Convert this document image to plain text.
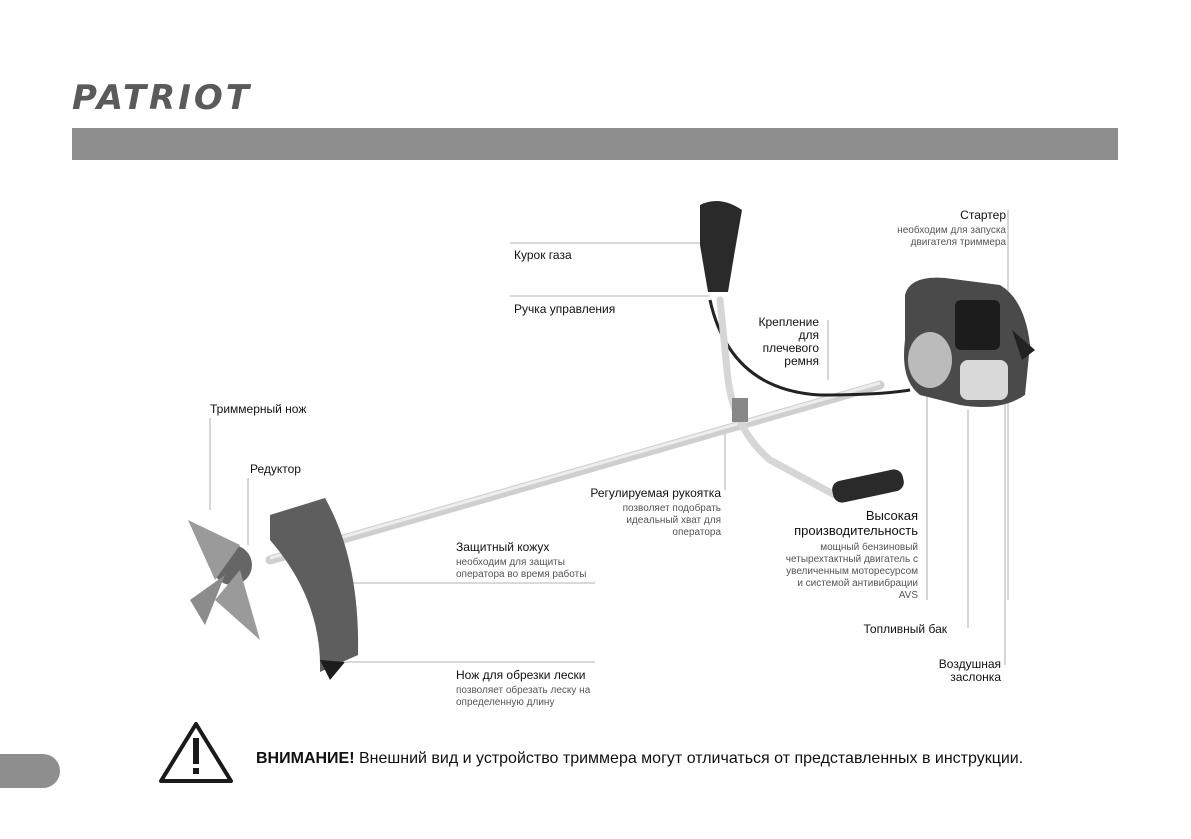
PATRIOT
Курок газа
Ручка управления
Триммерный нож
Редуктор
Стартер
необходим для запуска двигателя триммера
Крепление для плечевого ремня
Регулируемая рукоятка
позволяет подобрать идеальный хват для оператора
Высокая производительность
мощный бензиновый четырехтактный двигатель с увеличенным моторесурсом и системой антивибрации AVS
Защитный кожух
необходим для защиты оператора во время работы
Топливный бак
Нож для обрезки лески
позволяет обрезать леску на определенную длину
Воздушная заслонка
ВНИМАНИЕ! Внешний вид и устройство триммера могут отличаться от представленных в инструкции.
